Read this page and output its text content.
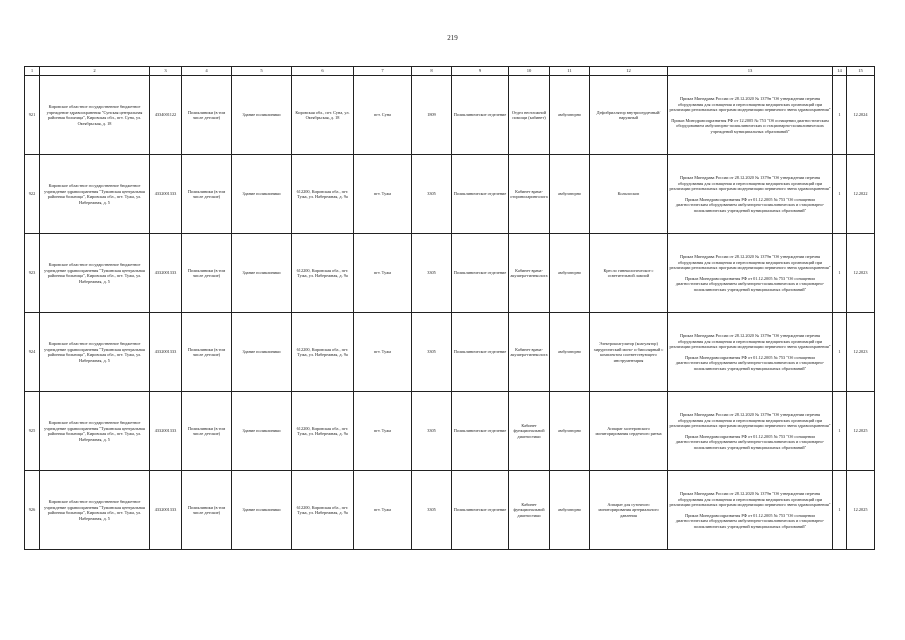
219
1	2	3	4	5	6	7	8	9	10	11	12	13	14	15
921	Кировское областное государственное бюджетное учреждение здравоохранения "Сунская центральная районная больница", Кировская обл., пгт. Суна, ул. Октябрьская, д. 18	4334001122	Поликлиники (в том числе детские)	Здание поликлиники	Кировская обл., пгт. Суна, ул. Октябрьская, д. 18	пгт. Суна	1809	Поликлиническое отделение	Отдел неотложной помощи (кабинет)	амбулаторно	Дефибриллятор внутрисердечный/наружный	Приказ Минздрава России от 28.12.2020 № 1379н "Об утверждении перечня оборудования для оснащения и переоснащения медицинских организаций при реализации региональных программ модернизации первичного звена здравоохранения"
Приказ Минздравсоцразвития РФ от 12.2005 № 753 "Об оснащении диагностическим оборудованием амбулаторно-поликлинических и стационарно-поликлинических учреждений муниципальных образований"	1	12.2024
922	Кировское областное государственное бюджетное учреждение здравоохранения "Тужинская центральная районная больница", Кировская обл., пгт. Тужа, ул. Набережная, д. 5	4332001333	Поликлиники (в том числе детские)	Здание поликлиники	612200, Кировская обл., пгт. Тужа, ул. Набережная, д. 9а	пгт. Тужа	3305	Поликлиническое отделение	Кабинет врача-оториноларинголога	амбулаторно	Кольпоскоп	Приказ Минздрава России от 28.12.2020 № 1379н "Об утверждении перечня оборудования для оснащения и переоснащения медицинских организаций при реализации региональных программ модернизации первичного звена здравоохранения"
Приказ Минздравсоцразвития РФ от 01.12.2005 № 753 "Об оснащении диагностическим оборудованием амбулаторно-поликлинических и стационарно-поликлинических учреждений муниципальных образований"	1	12.2022
923	Кировское областное государственное бюджетное учреждение здравоохранения "Тужинская центральная районная больница", Кировская обл., пгт. Тужа, ул. Набережная, д. 5	4332001333	Поликлиники (в том числе детские)	Здание поликлиники	612200, Кировская обл., пгт. Тужа, ул. Набережная, д. 9а	пгт. Тужа	3305	Поликлиническое отделение	Кабинет врача-акушера-гинеколога	амбулаторно	Кресло гинекологическое с осветительной лампой	Приказ Минздрава России от 28.12.2020 № 1379н "Об утверждении перечня оборудования для оснащения и переоснащения медицинских организаций при реализации региональных программ модернизации первичного звена здравоохранения"
Приказ Минздравсоцразвития РФ от 01.12.2005 № 753 "Об оснащении диагностическим оборудованием амбулаторно-поликлинических и стационарно-поликлинических учреждений муниципальных образований"	1	12.2023
924	Кировское областное государственное бюджетное учреждение здравоохранения "Тужинская центральная районная больница", Кировская обл., пгт. Тужа, ул. Набережная, д. 5	4332001333	Поликлиники (в том числе детские)	Здание поликлиники	612200, Кировская обл., пгт. Тужа, ул. Набережная, д. 9а	пгт. Тужа	3305	Поликлиническое отделение	Кабинет врача-акушера-гинеколога	амбулаторно	Электрокоагулятор (коагулятор) хирургический моно- и биполярный с комплектом соответствующего инструментария	Приказ Минздрава России от 28.12.2020 № 1379н "Об утверждении перечня оборудования для оснащения и переоснащения медицинских организаций при реализации региональных программ модернизации первичного звена здравоохранения"
Приказ Минздравсоцразвития РФ от 01.12.2005 № 753 "Об оснащении диагностическим оборудованием амбулаторно-поликлинических и стационарно-поликлинических учреждений муниципальных образований"	1	12.2023
925	Кировское областное государственное бюджетное учреждение здравоохранения "Тужинская центральная районная больница", Кировская обл., пгт. Тужа, ул. Набережная, д. 5	4332001333	Поликлиники (в том числе детские)	Здание поликлиники	612200, Кировская обл., пгт. Тужа, ул. Набережная, д. 9а	пгт. Тужа	3305	Поликлиническое отделение	Кабинет функциональной диагностики	амбулаторно	Аппарат холтеровского мониторирования сердечного ритма	Приказ Минздрава России от 28.12.2020 № 1379н "Об утверждении перечня оборудования для оснащения и переоснащения медицинских организаций при реализации региональных программ модернизации первичного звена здравоохранения"
Приказ Минздравсоцразвития РФ от 01.12.2005 № 753 "Об оснащении диагностическим оборудованием амбулаторно-поликлинических и стационарно-поликлинических учреждений муниципальных образований"	1	12.2025
926	Кировское областное государственное бюджетное учреждение здравоохранения "Тужинская центральная районная больница", Кировская обл., пгт. Тужа, ул. Набережная, д. 5	4332001333	Поликлиники (в том числе детские)	Здание поликлиники	612200, Кировская обл., пгт. Тужа, ул. Набережная, д. 9а	пгт. Тужа	3305	Поликлиническое отделение	Кабинет функциональной диагностики	амбулаторно	Аппарат для суточного мониторирования артериального давления	Приказ Минздрава России от 28.12.2020 № 1379н "Об утверждении перечня оборудования для оснащения и переоснащения медицинских организаций при реализации региональных программ модернизации первичного звена здравоохранения"
Приказ Минздравсоцразвития РФ от 01.12.2005 № 753 "Об оснащении диагностическим оборудованием амбулаторно-поликлинических и стационарно-поликлинических учреждений муниципальных образований"	1	12.2025
